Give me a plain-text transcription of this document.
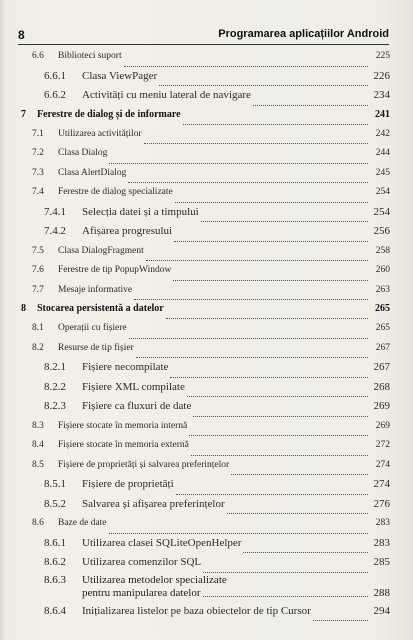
8	Programarea aplicațiilor Android
6.6	Biblioteci suport	225
6.6.1	Clasa ViewPager	226
6.6.2	Activități cu meniu lateral de navigare	234
7	Ferestre de dialog și de informare	241
7.1	Utilizarea activităților	242
7.2	Clasa Dialog	244
7.3	Clasa AlertDialog	245
7.4	Ferestre de dialog specializate	254
7.4.1	Selecția datei și a timpului	254
7.4.2	Afișarea progresului	256
7.5	Clasa DialogFragment	258
7.6	Ferestre de tip PopupWindow	260
7.7	Mesaje informative	263
8	Stocarea persistentă a datelor	265
8.1	Operații cu fișiere	265
8.2	Resurse de tip fișier	267
8.2.1	Fișiere necompilate	267
8.2.2	Fișiere XML compilate	268
8.2.3	Fișiere ca fluxuri de date	269
8.3	Fișiere stocate în memoria internă	269
8.4	Fișiere stocate în memoria externă	272
8.5	Fișiere de proprietăți și salvarea preferințelor	274
8.5.1	Fișiere de proprietăți	274
8.5.2	Salvarea și afișarea preferințelor	276
8.6	Baze de date	283
8.6.1	Utilizarea clasei SQLiteOpenHelper	283
8.6.2	Utilizarea comenzilor SQL	285
8.6.3	Utilizarea metodelor specializate
pentru manipularea datelor	288
8.6.4	Inițializarea listelor pe baza obiectelor de tip Cursor	294
